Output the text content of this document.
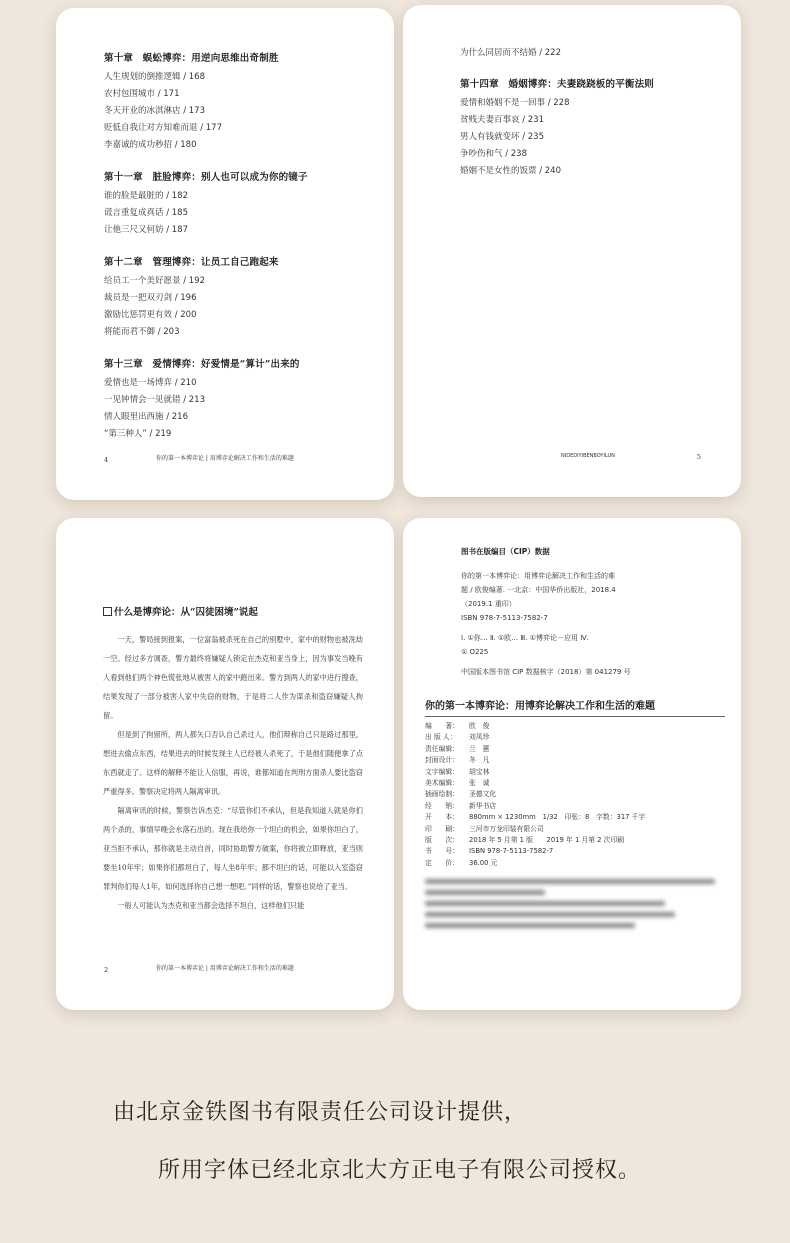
第十章　蜈蚣博弈：用逆向思维出奇制胜
人生规划的倒推逻辑 / 168
农村包围城市 / 171
冬天开业的冰淇淋店 / 173
贬低自我让对方知难而退 / 177
李嘉诚的成功秒招 / 180
第十一章　脏脸博弈：别人也可以成为你的镜子
谁的脸是最脏的 / 182
谎言重复成真话 / 185
让他三尺又何妨 / 187
第十二章　管理博弈：让员工自己跑起来
给员工一个美好愿景 / 192
裁员是一把双刃剑 / 196
激励比惩罚更有效 / 200
将能而君不御 / 203
第十三章　爱情博弈：好爱情是“算计”出来的
爱情也是一场博弈 / 210
一见钟情会一见就错 / 213
情人眼里出西施 / 216
“第三种人” / 219
4	你的第一本博弈论 | 用博弈论解决工作和生活的难题
为什么同居而不结婚 / 222
第十四章　婚姻博弈：夫妻跷跷板的平衡法则
爱情和婚姻不是一回事 / 228
贫贱夫妻百事哀 / 231
男人有钱就变坏 / 235
争吵伤和气 / 238
婚姻不是女性的饭票 / 240
NIDEDIYIBENBOYILUN	5
什么是博弈论：从“囚徒困境”说起

一天，警局接到报案，一位富翁被杀死在自己的别墅中，家中的财物也被洗劫一空。经过多方调查，警方最终将嫌疑人锁定在杰克和亚当身上，因为事发当晚有人看到他们两个神色慌张地从被害人的家中跑出来。警方到两人的家中进行搜查，结果发现了一部分被害人家中失窃的财物，于是将二人作为谋杀和盗窃嫌疑人拘留。

但是到了拘留所，两人都矢口否认自己杀过人，他们辩称自己只是路过那里，想进去偷点东西，结果进去的时候发现主人已经被人杀死了，于是他们随便拿了点东西就走了。这样的解释不能让人信服，再说，谁都知道在判刑方面杀人要比盗窃严重得多。警察决定将两人隔离审讯。

隔离审讯的时候，警察告诉杰克：“尽管你们不承认，但是我知道人就是你们两个杀的，事情早晚会水落石出的。现在我给你一个坦白的机会，如果你坦白了，亚当拒不承认，那你就是主动自首，同时协助警方破案，你将被立即释放，亚当则要坐10年牢；如果你们都坦白了，每人坐8年牢；都不坦白的话，可能以入室盗窃罪判你们每人1年，如何选择你自己想一想吧。”同样的话，警察也说给了亚当。

一般人可能认为杰克和亚当都会选择不坦白，这样他们只能

2	你的第一本博弈论 | 用博弈论解决工作和生活的难题
图书在版编目（CIP）数据
你的第一本博弈论：用博弈论解决工作和生活的难
题 / 欧俊编著. 一北京：中国华侨出版社，2018.4
（2019.1 重印）
ISBN 978-7-5113-7582-7
Ⅰ. ①你… Ⅱ. ①欧… Ⅲ. ①博弈论－应用 Ⅳ.
① O225
中国版本图书馆 CIP 数据核字（2018）第 041279 号
你的第一本博弈论：用博弈论解决工作和生活的难题
编　　著： 欧　俊
出 版 人： 刘凤珍
责任编辑： 兰　蕙
封面设计： 冬　凡
文字编辑： 胡宝林
美术编辑： 张　诚
插画绘制： 圣德文化
经　　销： 新华书店
开　　本： 880mm × 1230mm　1/32　印张：8　字数：317 千字
印　　刷： 三河市万龙印装有限公司
版　　次： 2018 年 5 月第 1 版　　2019 年 1 月第 2 次印刷
书　　号： ISBN 978-7-5113-7582-7
定　　价： 36.00 元
由北京金铁图书有限责任公司设计提供，
所用字体已经北京北大方正电子有限公司授权。
